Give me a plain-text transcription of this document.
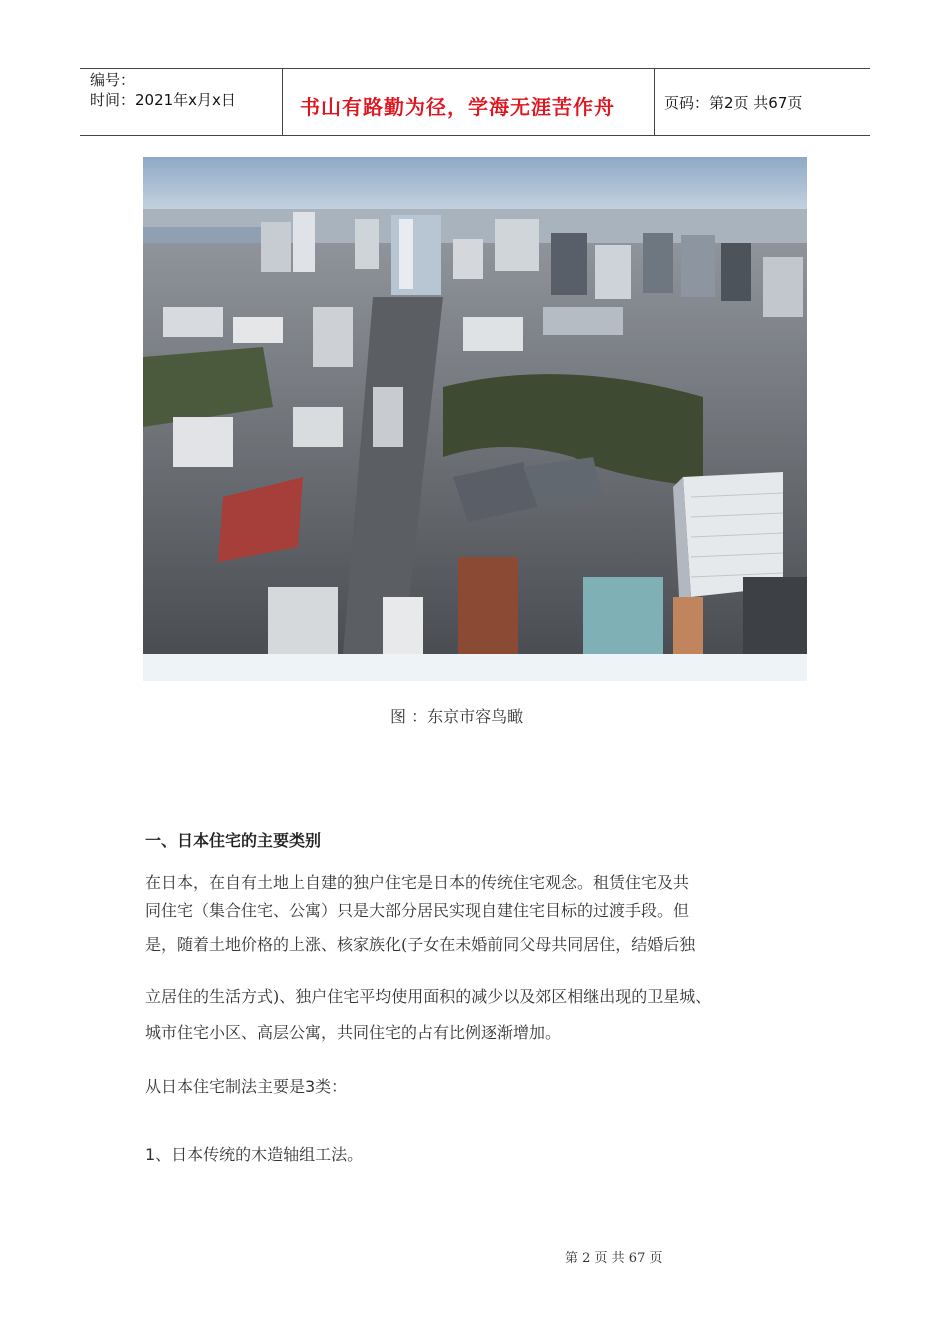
编号：
时间：2021年x月x日	书山有路勤为径，学海无涯苦作舟	页码：第2页 共67页
图 ：东京市容鸟瞰
一、日本住宅的主要类别
在日本，在自有土地上自建的独户住宅是日本的传统住宅观念。租赁住宅及共
同住宅（集合住宅、公寓）只是大部分居民实现自建住宅目标的过渡手段。但
是，随着土地价格的上涨、核家族化(子女在未婚前同父母共同居住，结婚后独
立居住的生活方式)、独户住宅平均使用面积的减少以及郊区相继出现的卫星城、
城市住宅小区、高层公寓，共同住宅的占有比例逐渐增加。
从日本住宅制法主要是3类：
1、日本传统的木造轴组工法。
第 2 页 共 67 页
